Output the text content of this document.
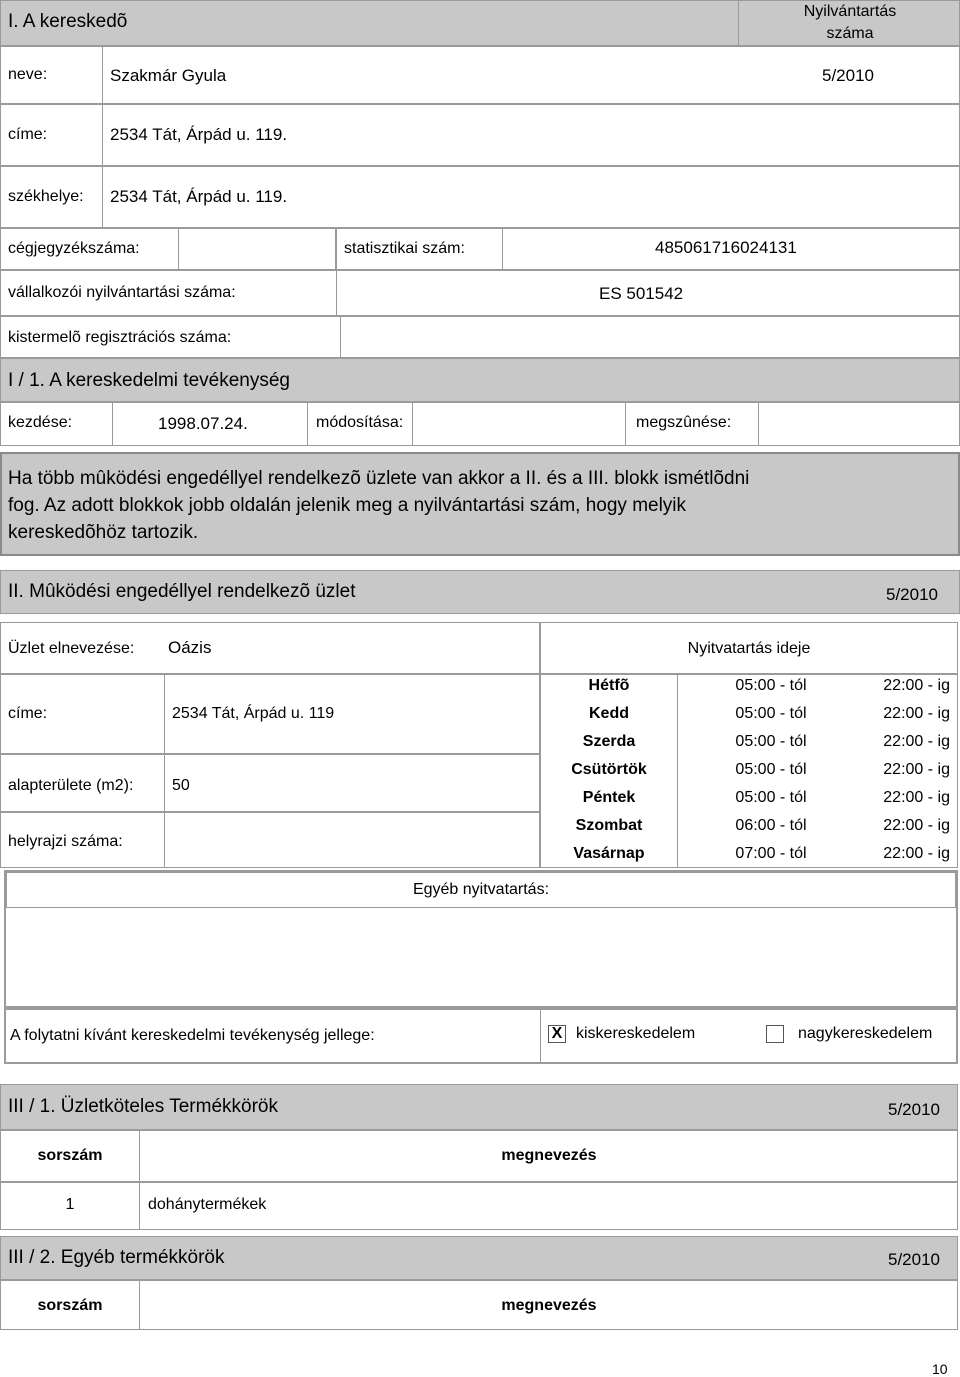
I. A kereskedõ	Nyilvántartás
száma
neve:	Szakmár Gyula	5/2010
címe:	2534 Tát, Árpád u. 119.
székhelye: 2534 Tát, Árpád u. 119.
cégjegyzékszáma:	statisztikai szám:	485061716024131
vállalkozói nyilvántartási száma:	ES 501542
kistermelõ regisztrációs száma:
I / 1. A kereskedelmi tevékenység
kezdése:	1998.07.24.	módosítása:	megszûnése:
Ha több mûködési engedéllyel rendelkezõ üzlete van akkor a II. és a III. blokk ismétlõdni
fog. Az adott blokkok jobb oldalán jelenik meg a nyilvántartási szám, hogy melyik
kereskedõhöz tartozik.
II. Mûködési engedéllyel rendelkezõ üzlet	5/2010
Üzlet elnevezése: Oázis	Nyitvatartás ideje
címe:	2534 Tát, Árpád u. 119
alapterülete (m2): 50
helyrajzi száma:
Hétfõ	05:00 - tól	22:00 - ig
Kedd	05:00 - tól	22:00 - ig
Szerda	05:00 - tól	22:00 - ig
Csütörtök	05:00 - tól	22:00 - ig
Péntek	05:00 - tól	22:00 - ig
Szombat	06:00 - tól	22:00 - ig
Vasárnap	07:00 - tól	22:00 - ig
Egyéb nyitvatartás:
A folytatni kívánt kereskedelmi tevékenység jellege:	X kiskereskedelem	nagykereskedelem
III / 1. Üzletköteles Termékkörök	5/2010
sorszám	megnevezés
1	dohánytermékek
III / 2. Egyéb termékkörök	5/2010
sorszám	megnevezés
10
